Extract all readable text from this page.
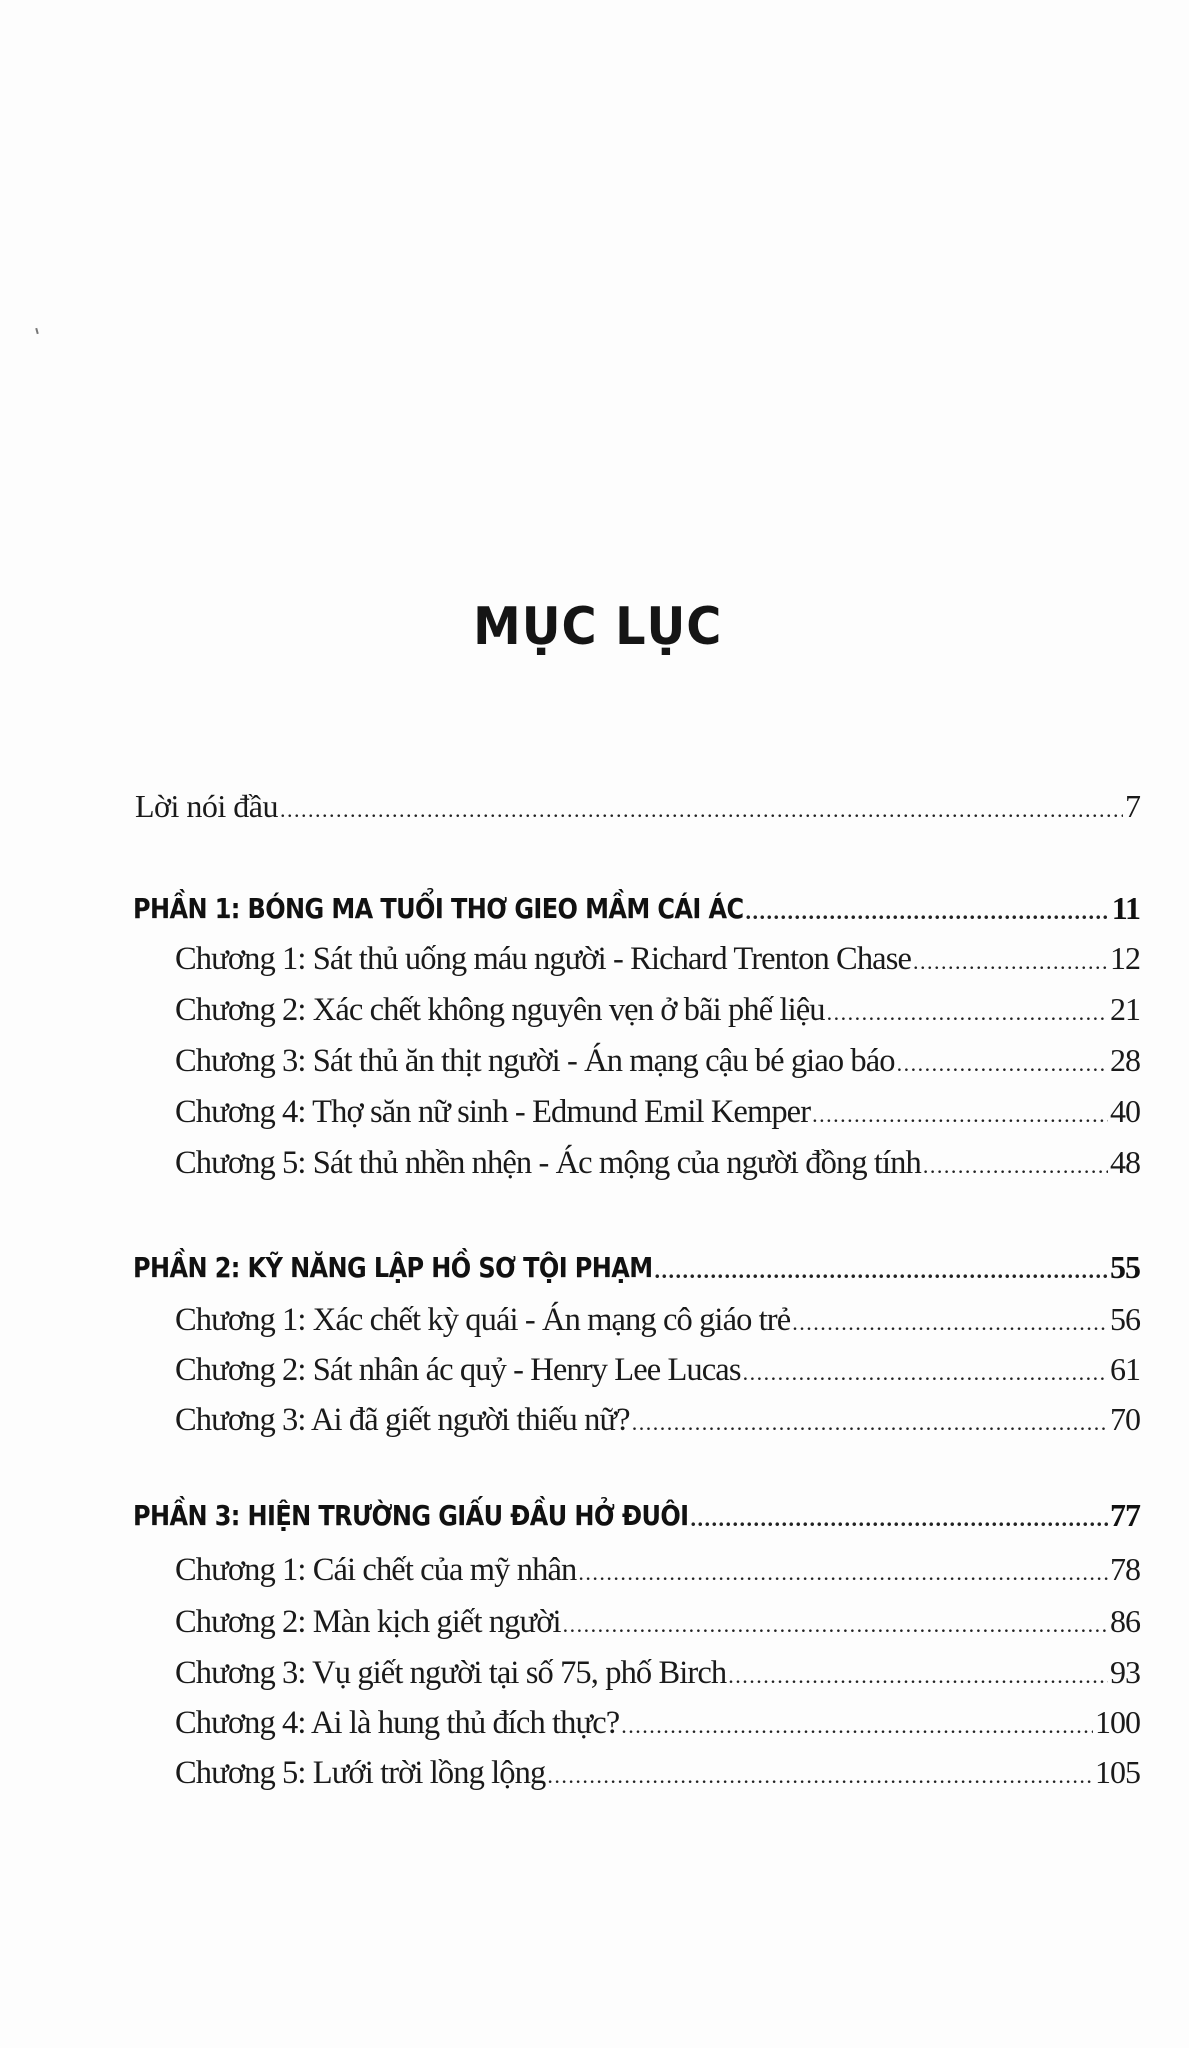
MỤC LỤC
Lời nói đầu .....	7
PHẦN 1: BÓNG MA TUỔI THƠ GIEO MẦM CÁI ÁC .....	11
Chương 1: Sát thủ uống máu người - Richard Trenton Chase .....	12
Chương 2: Xác chết không nguyên vẹn ở bãi phế liệu .....	21
Chương 3: Sát thủ ăn thịt người - Án mạng cậu bé giao báo .....	28
Chương 4: Thợ săn nữ sinh - Edmund Emil Kemper .....	40
Chương 5: Sát thủ nhền nhện - Ác mộng của người đồng tính .....	48
PHẦN 2: KỸ NĂNG LẬP HỒ SƠ TỘI PHẠM .....	55
Chương 1: Xác chết kỳ quái - Án mạng cô giáo trẻ .....	56
Chương 2: Sát nhân ác quỷ - Henry Lee Lucas .....	61
Chương 3: Ai đã giết người thiếu nữ? .....	70
PHẦN 3: HIỆN TRƯỜNG GIẤU ĐẦU HỞ ĐUÔI .....	77
Chương 1: Cái chết của mỹ nhân .....	78
Chương 2: Màn kịch giết người .....	86
Chương 3: Vụ giết người tại số 75, phố Birch .....	93
Chương 4: Ai là hung thủ đích thực? .....	100
Chương 5: Lưới trời lồng lộng .....	105
